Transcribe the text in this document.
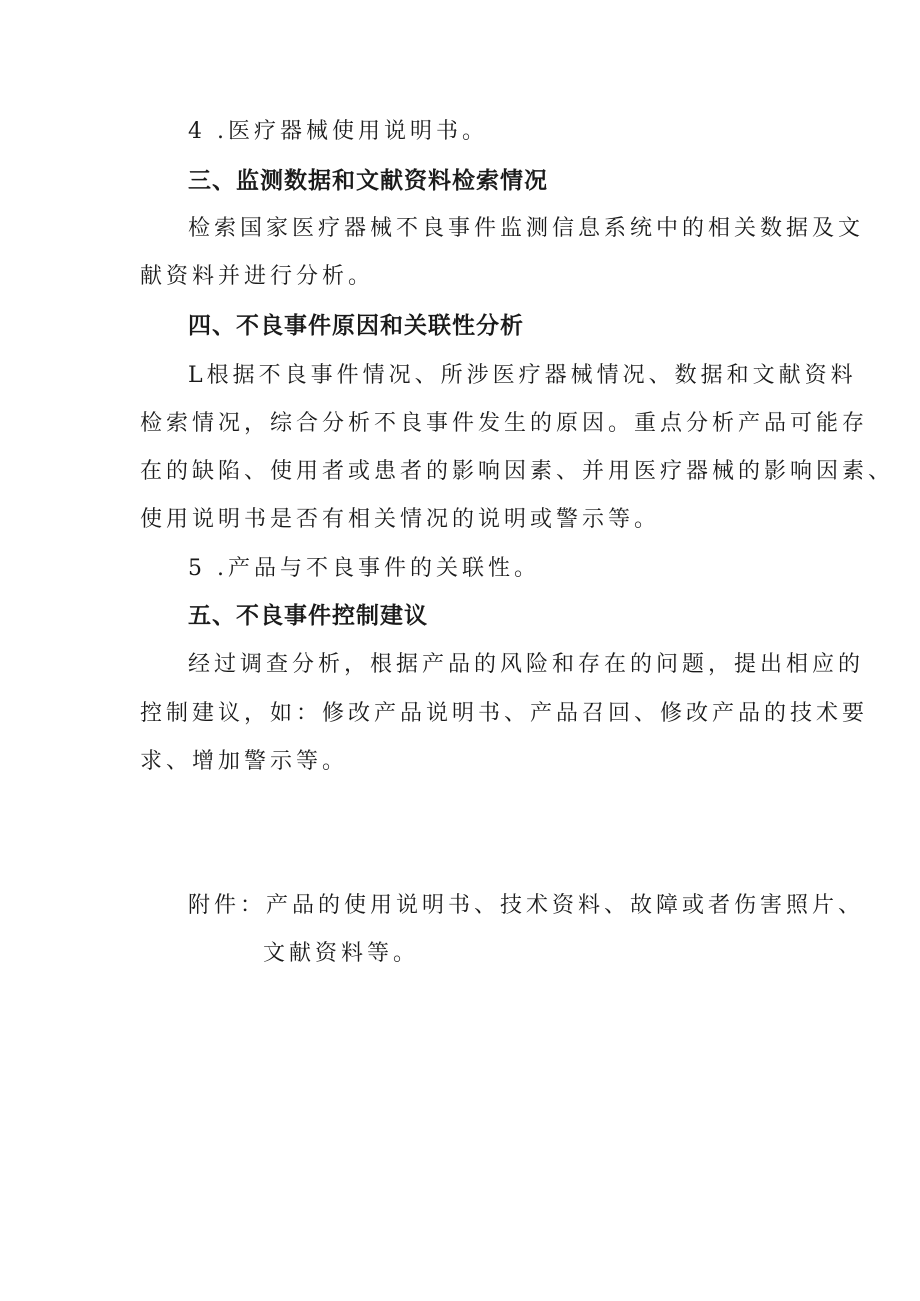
4 .医疗器械使用说明书。
三、监测数据和文献资料检索情况
检索国家医疗器械不良事件监测信息系统中的相关数据及文
献资料并进行分析。
四、不良事件原因和关联性分析
L根据不良事件情况、所涉医疗器械情况、数据和文献资料
检索情况，综合分析不良事件发生的原因。重点分析产品可能存
在的缺陷、使用者或患者的影响因素、并用医疗器械的影响因素、
使用说明书是否有相关情况的说明或警示等。
5 .产品与不良事件的关联性。
五、不良事件控制建议
经过调查分析，根据产品的风险和存在的问题，提出相应的
控制建议，如：修改产品说明书、产品召回、修改产品的技术要
求、增加警示等。
附件：产品的使用说明书、技术资料、故障或者伤害照片、
文献资料等。
